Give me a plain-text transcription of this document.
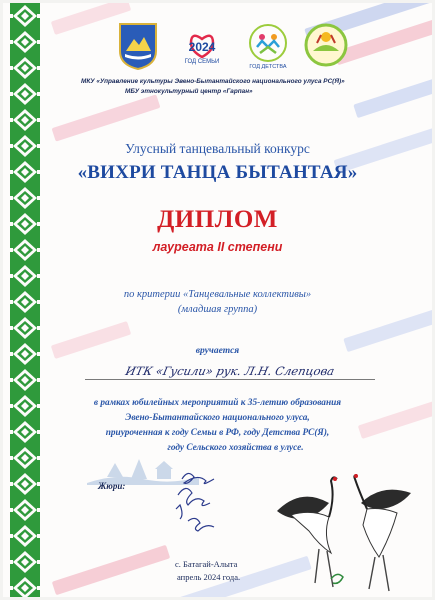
2024
ГОД СЕМЬИ
ГОД ДЕТСТВА
МКУ «Управление культуры Эвено-Бытантайского национального улуса РС(Я)»
МБУ этнокультурный центр «Гарпан»
Улусный танцевальный конкурс
«ВИХРИ ТАНЦА БЫТАНТАЯ»
ДИПЛОМ
лауреата II степени
по критерии «Танцевальные коллективы»
(младшая группа)
вручается
ИТК «Гусили» рук. Л.Н. Слепцова
в рамках юбилейных мероприятий к 35-летию образования
Эвено-Бытантайского национального улуса,
приуроченная к году Семьи в РФ, году Детства РС(Я),
году Сельского хозяйства в улусе.
Жюри:
с. Батагай-Алыта
апрель 2024 года.
